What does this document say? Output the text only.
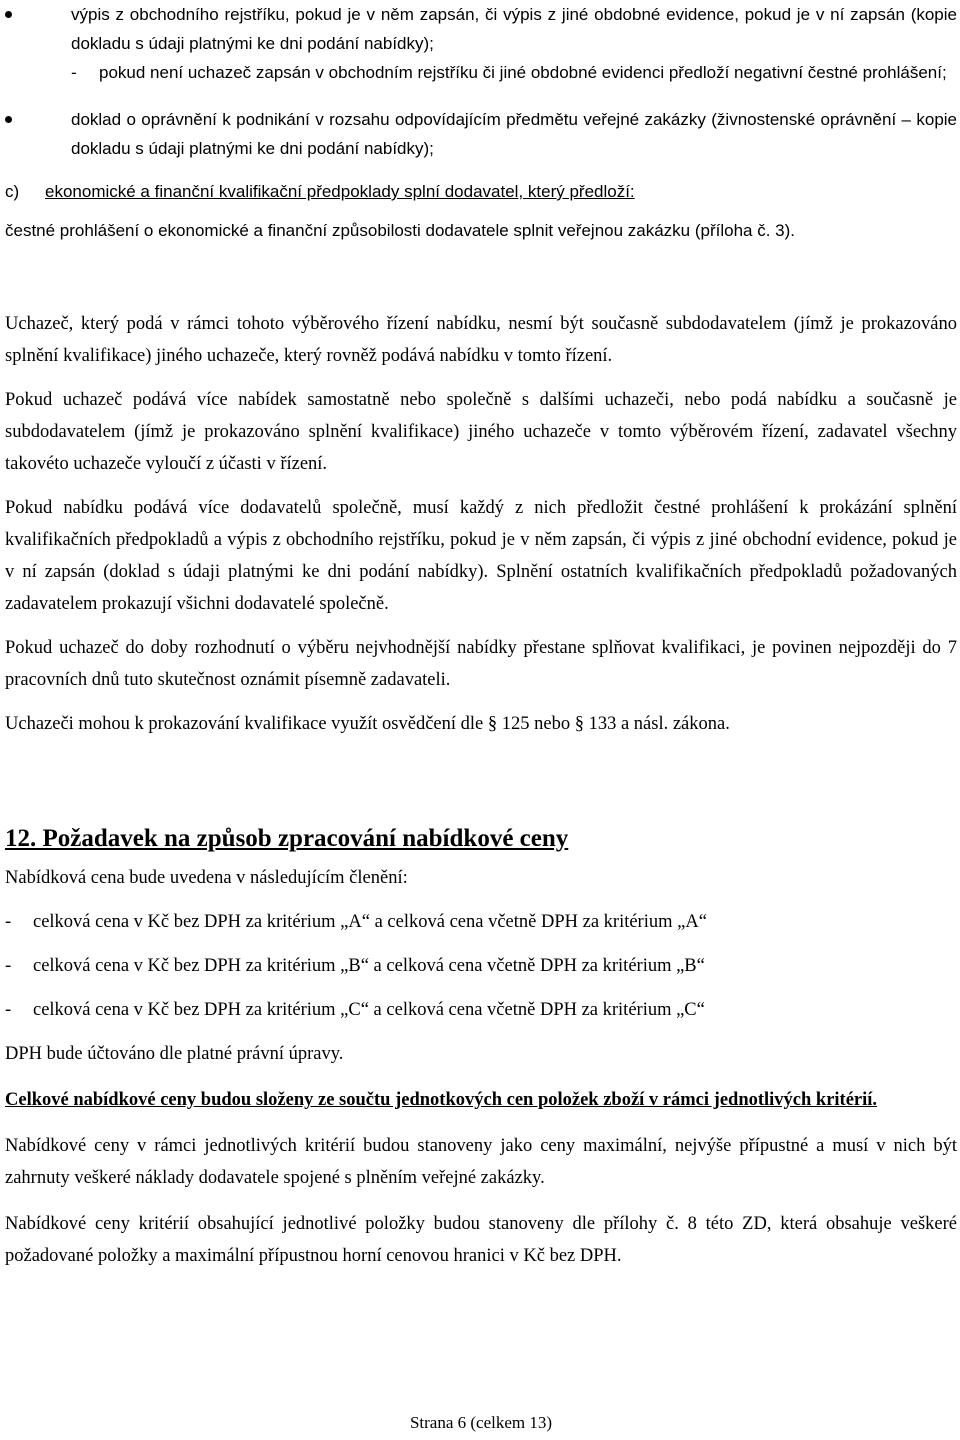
výpis z obchodního rejstříku, pokud je v něm zapsán, či výpis z jiné obdobné evidence, pokud je v ní zapsán (kopie dokladu s údaji platnými ke dni podání nabídky);
- pokud není uchazeč zapsán v obchodním rejstříku či jiné obdobné evidenci předloží negativní čestné prohlášení;
doklad o oprávnění k podnikání v rozsahu odpovídajícím předmětu veřejné zakázky (živnostenské oprávnění – kopie dokladu s údaji platnými ke dni podání nabídky);
c) ekonomické a finanční kvalifikační předpoklady splní dodavatel, který předloží:

čestné prohlášení o ekonomické a finanční způsobilosti dodavatele splnit veřejnou zakázku (příloha č. 3).

Uchazeč, který podá v rámci tohoto výběrového řízení nabídku, nesmí být současně subdodavatelem (jímž je prokazováno splnění kvalifikace) jiného uchazeče, který rovněž podává nabídku v tomto řízení.

Pokud uchazeč podává více nabídek samostatně nebo společně s dalšími uchazeči, nebo podá nabídku a současně je subdodavatelem (jímž je prokazováno splnění kvalifikace) jiného uchazeče v tomto výběrovém řízení, zadavatel všechny takovéto uchazeče vyloučí z účasti v řízení.

Pokud nabídku podává více dodavatelů společně, musí každý z nich předložit čestné prohlášení k prokázání splnění kvalifikačních předpokladů a výpis z obchodního rejstříku, pokud je v něm zapsán, či výpis z jiné obchodní evidence, pokud je v ní zapsán (doklad s údaji platnými ke dni podání nabídky). Splnění ostatních kvalifikačních předpokladů požadovaných zadavatelem prokazují všichni dodavatelé společně.

Pokud uchazeč do doby rozhodnutí o výběru nejvhodnější nabídky přestane splňovat kvalifikaci, je povinen nejpozději do 7 pracovních dnů tuto skutečnost oznámit písemně zadavateli.

Uchazeči mohou k prokazování kvalifikace využít osvědčení dle § 125 nebo § 133 a násl. zákona.

12. Požadavek na způsob zpracování nabídkové ceny

Nabídková cena bude uvedena v následujícím členění:

- celková cena v Kč bez DPH za kritérium „A“ a celková cena včetně DPH za kritérium „A“
- celková cena v Kč bez DPH za kritérium „B“ a celková cena včetně DPH za kritérium „B“
- celková cena v Kč bez DPH za kritérium „C“ a celková cena včetně DPH za kritérium „C“

DPH bude účtováno dle platné právní úpravy.

Celkové nabídkové ceny budou složeny ze součtu jednotkových cen položek zboží v rámci jednotlivých kritérií.

Nabídkové ceny v rámci jednotlivých kritérií budou stanoveny jako ceny maximální, nejvýše přípustné a musí v nich být zahrnuty veškeré náklady dodavatele spojené s plněním veřejné zakázky.

Nabídkové ceny kritérií obsahující jednotlivé položky budou stanoveny dle přílohy č. 8 této ZD, která obsahuje veškeré požadované položky a maximální přípustnou horní cenovou hranici v Kč bez DPH.

Strana 6 (celkem 13)
